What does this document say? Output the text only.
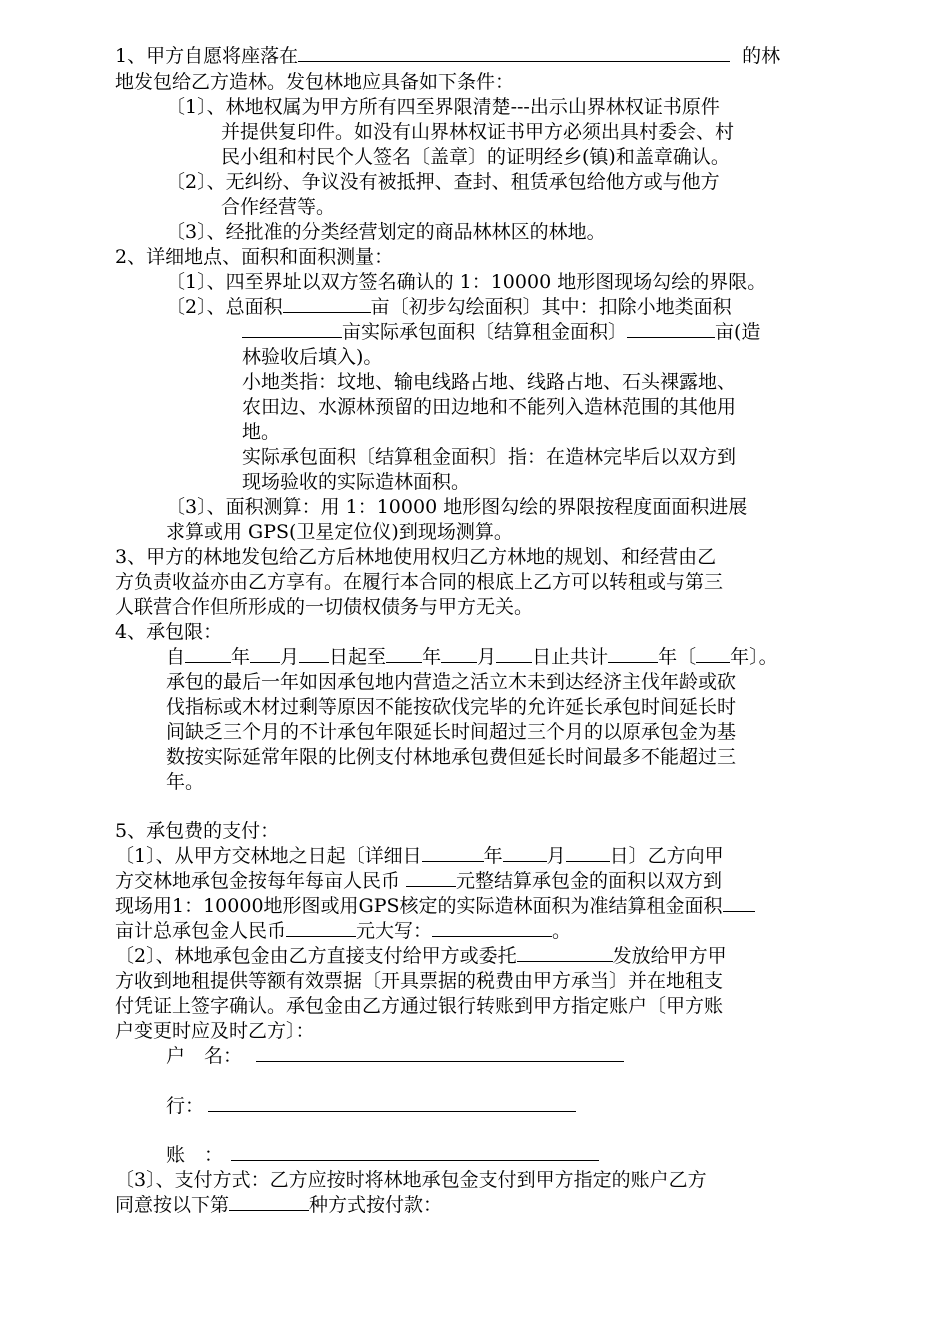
1、甲方自愿将座落在	的林
地发包给乙方造林。发包林地应具备如下条件：
〔1〕、林地权属为甲方所有四至界限清楚---出示山界林权证书原件
并提供复印件。如没有山界林权证书甲方必须出具村委会、村
民小组和村民个人签名〔盖章〕的证明经乡(镇)和盖章确认。
〔2〕、无纠纷、争议没有被抵押、查封、租赁承包给他方或与他方
合作经营等。
〔3〕、经批准的分类经营划定的商品林林区的林地。
2、详细地点、面积和面积测量：
〔1〕、四至界址以双方签名确认的 1：10000 地形图现场勾绘的界限。
〔2〕、总面积	亩〔初步勾绘面积〕其中：扣除小地类面积
亩实际承包面积〔结算租金面积〕	亩(造
林验收后填入)。
小地类指：坟地、输电线路占地、线路占地、石头裸露地、
农田边、水源林预留的田边地和不能列入造林范围的其他用
地。
实际承包面积〔结算租金面积〕指：在造林完毕后以双方到
现场验收的实际造林面积。
〔3〕、面积测算：用 1：10000 地形图勾绘的界限按程度面面积进展
求算或用 GPS(卫星定位仪)到现场测算。
3、甲方的林地发包给乙方后林地使用权归乙方林地的规划、和经营由乙
方负责收益亦由乙方享有。在履行本合同的根底上乙方可以转租或与第三
人联营合作但所形成的一切债权债务与甲方无关。
4、承包限：
自 年 月 日起至 年 月 日止共计	年〔 年〕。
承包的最后一年如因承包地内营造之活立木未到达经济主伐年龄或砍
伐指标或木材过剩等原因不能按砍伐完毕的允许延长承包时间延长时
间缺乏三个月的不计承包年限延长时间超过三个月的以原承包金为基
数按实际延常年限的比例支付林地承包费但延长时间最多不能超过三
年。
5、承包费的支付：
〔1〕、从甲方交林地之日起〔详细日	年 月 日〕乙方向甲
方交林地承包金按每年每亩人民币	元整结算承包金的面积以双方到
现场用1：10000地形图或用GPS核定的实际造林面积为准结算租金面积
亩计总承包金人民币	元大写：	。
〔2〕、林地承包金由乙方直接支付给甲方或委托	发放给甲方甲
方收到地租提供等额有效票据〔开具票据的税费由甲方承当〕并在地租支
付凭证上签字确认。承包金由乙方通过银行转账到甲方指定账户〔甲方账
户变更时应及时乙方〕：
户　名：
行：
账　：
〔3〕、支付方式：乙方应按时将林地承包金支付到甲方指定的账户乙方
同意按以下第	种方式按付款：
